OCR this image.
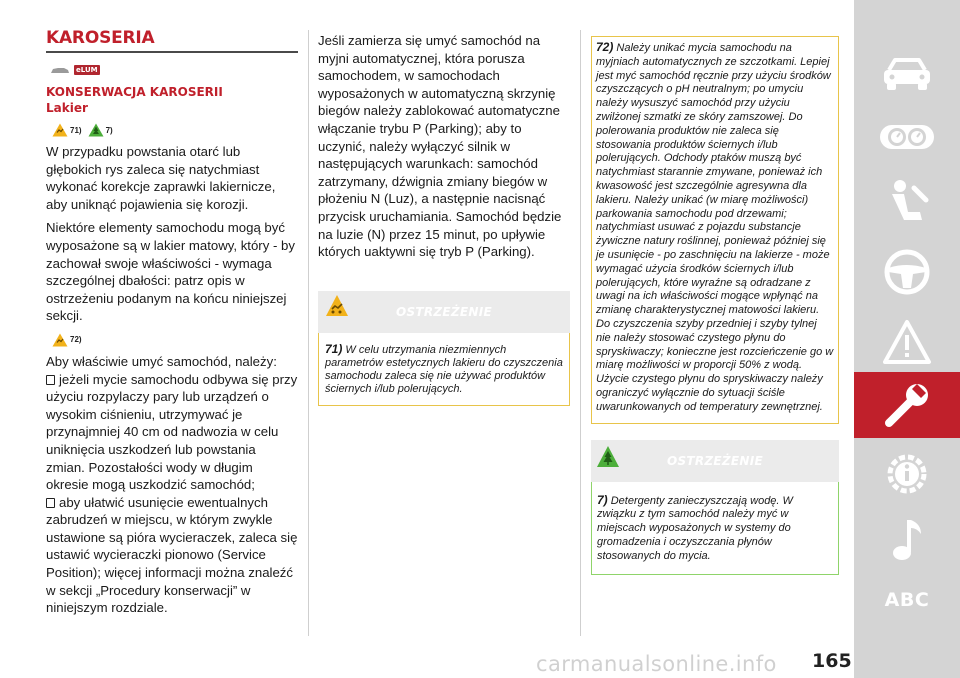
KAROSERIA
eLUM
KONSERWACJA KAROSERII
Lakier
71)	7)

W przypadku powstania otarć lub głębokich rys zaleca się natychmiast wykonać korekcje zaprawki lakiernicze, aby uniknąć pojawienia się korozji.

Niektóre elementy samochodu mogą być wyposażone są w lakier matowy, który - by zachował swoje właściwości - wymaga szczególnej dbałości: patrz opis w ostrzeżeniu podanym na końcu niniejszej sekcji.

72)

Aby właściwie umyć samochód, należy:

jeżeli mycie samochodu odbywa się przy użyciu rozpylaczy pary lub urządzeń o wysokim ciśnieniu, utrzymywać je przynajmniej 40 cm od nadwozia w celu uniknięcia uszkodzeń lub powstania zmian. Pozostałości wody w długim okresie mogą uszkodzić samochód;
aby ułatwić usunięcie ewentualnych zabrudzeń w miejscu, w którym zwykle ustawione są pióra wycieraczek, zaleca się ustawić wycieraczki pionowo (Service Position); więcej informacji można znaleźć w sekcji „Procedury konserwacji” w niniejszym rozdziale.

Jeśli zamierza się umyć samochód na myjni automatycznej, która porusza samochodem, w samochodach wyposażonych w automatyczną skrzynię biegów należy zablokować automatyczne włączanie trybu P (Parking); aby to uczynić, należy wyłączyć silnik w następujących warunkach: samochód zatrzymany, dźwignia zmiany biegów w płożeniu N (Luz), a następnie nacisnąć przycisk uruchamiania. Samochód będzie na luzie (N) przez 15 minut, po upływie których uaktywni się tryb P (Parking).

OSTRZEŻENIE
71) W celu utrzymania niezmiennych parametrów estetycznych lakieru do czyszczenia samochodu zaleca się nie używać produktów ściernych i/lub polerujących.
72) Należy unikać mycia samochodu na myjniach automatycznych ze szczotkami. Lepiej jest myć samochód ręcznie przy użyciu środków czyszczących o pH neutralnym; po umyciu należy wysuszyć samochód przy użyciu zwilżonej szmatki ze skóry zamszowej. Do polerowania produktów nie zaleca się stosowania produktów ściernych i/lub polerujących. Odchody ptaków muszą być natychmiast starannie zmywane, ponieważ ich kwasowość jest szczególnie agresywna dla lakieru. Należy unikać (w miarę możliwości) parkowania samochodu pod drzewami; natychmiast usuwać z pojazdu substancje żywiczne natury roślinnej, ponieważ później się je usunięcie - po zaschnięciu na lakierze - może wymagać użycia środków ściernych i/lub polerujących, które wyraźne są odradzane z uwagi na ich właściwości mogące wpłynąć na zmianę charakterystycznej matowości lakieru. Do czyszczenia szyby przedniej i szyby tylnej nie należy stosować czystego płynu do spryskiwaczy; konieczne jest rozcieńczenie go w miarę możliwości w proporcji 50% z wodą. Użycie czystego płynu do spryskiwaczy należy ograniczyć wyłącznie do sytuacji ściśle uwarunkowanych od temperatury zewnętrznej.
OSTRZEŻENIE
7) Detergenty zanieczyszczają wodę. W związku z tym samochód należy myć w miejscach wyposażonych w systemy do gromadzenia i oczyszczania płynów stosowanych do mycia.
carmanualsonline.info 165
ABC
